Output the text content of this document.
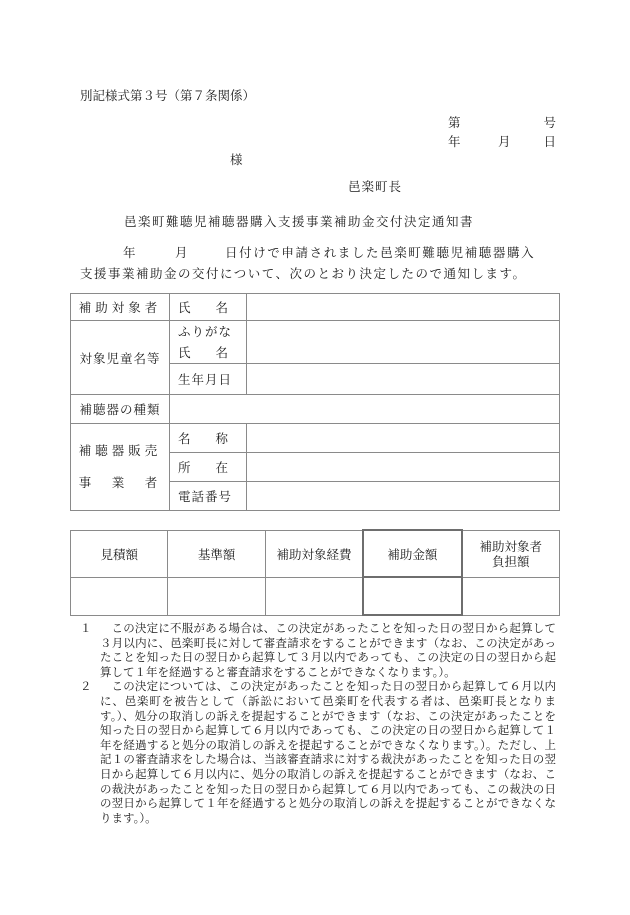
別記様式第３号（第７条関係）
第	号
年	月	日
様
邑楽町長
邑楽町難聴児補聴器購入支援事業補助金交付決定通知書
年	月	日付けで申請されました邑楽町難聴児補聴器購入
支援事業補助金の交付について、次のとおり決定したので通知します。
補助対象者	氏　　名	
対象児童名等	ふりがな	
	氏　　名	
	生年月日	
補聴器の種類		

補聴器販売
事　業　者	名　　称	
	所　　在	
	電話番号	
見積額	基準額	補助対象経費	補助金額	補助対象者
負担額

１	この決定に不服がある場合は、この決定があったことを知った日の翌日から起算して３月以内に、邑楽町長に対して審査請求をすることができます（なお、この決定があったことを知った日の翌日から起算して３月以内であっても、この決定の日の翌日から起算して１年を経過すると審査請求をすることができなくなります。）。
２	この決定については、この決定があったことを知った日の翌日から起算して６月以内に、邑楽町を被告として（訴訟において邑楽町を代表する者は、邑楽町長となります。）、処分の取消しの訴えを提起することができます（なお、この決定があったことを知った日の翌日から起算して６月以内であっても、この決定の日の翌日から起算して１年を経過すると処分の取消しの訴えを提起することができなくなります。）。ただし、上記１の審査請求をした場合は、当該審査請求に対する裁決があったことを知った日の翌日から起算して６月以内に、処分の取消しの訴えを提起することができます（なお、この裁決があったことを知った日の翌日から起算して６月以内であっても、この裁決の日の翌日から起算して１年を経過すると処分の取消しの訴えを提起することができなくなります。）。
